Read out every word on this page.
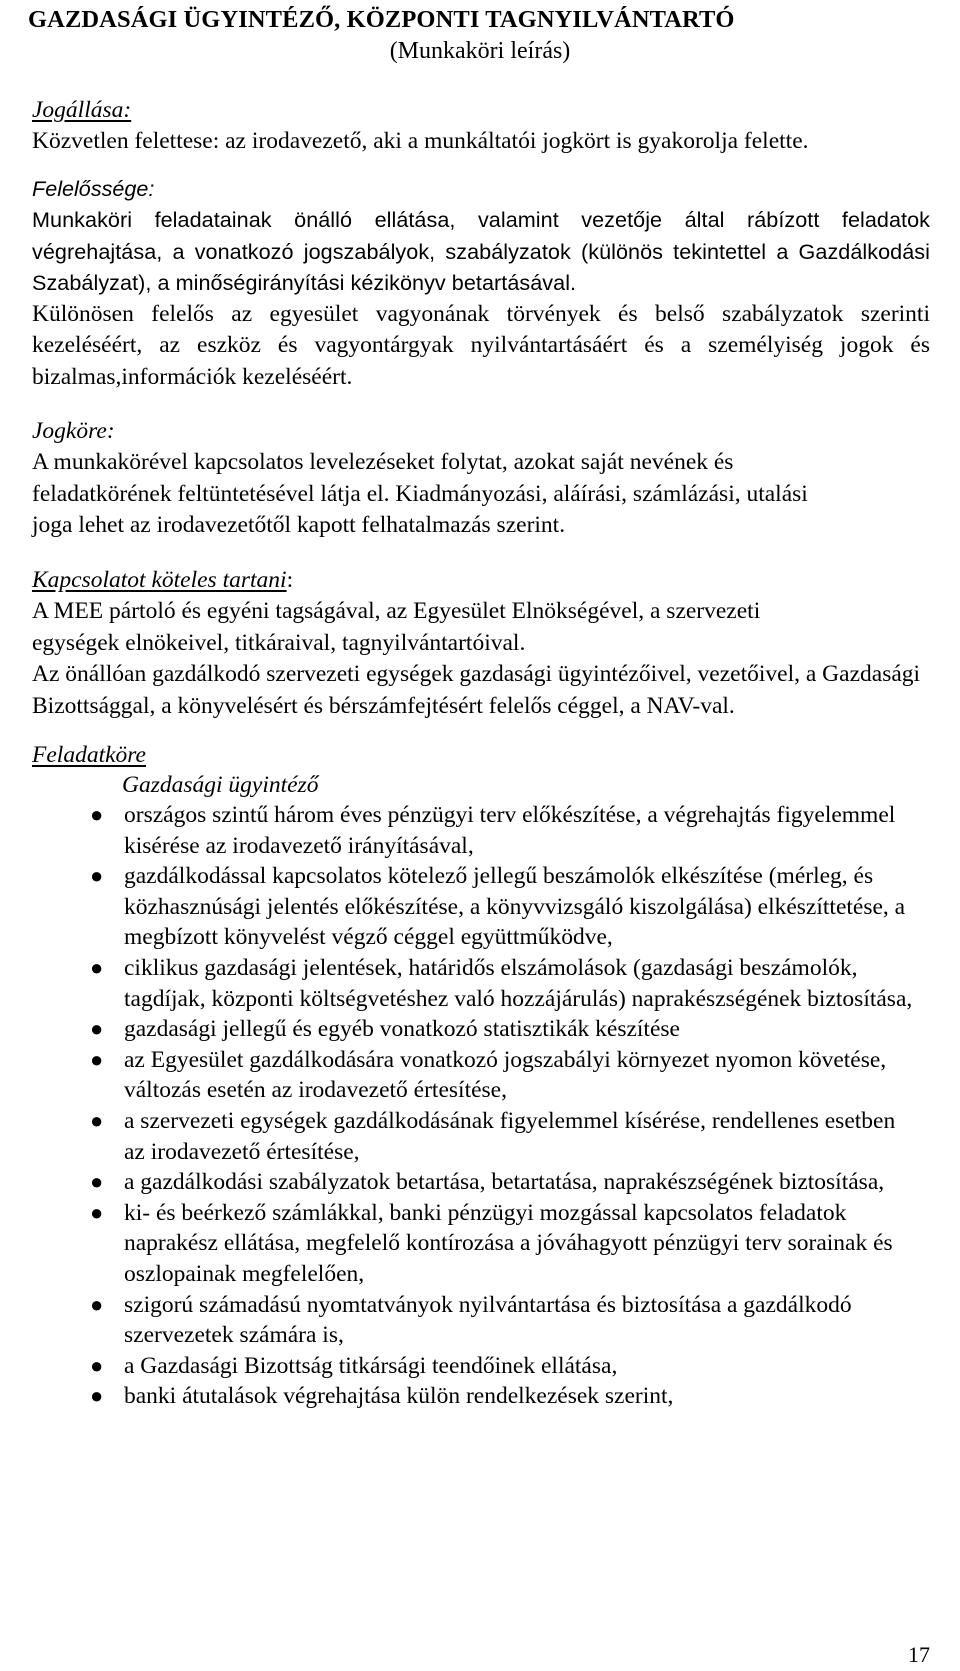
GAZDASÁGI ÜGYINTÉZŐ, KÖZPONTI TAGNYILVÁNTARTÓ
(Munkaköri leírás)
Jogállása:
Közvetlen felettese: az irodavezető, aki a munkáltatói jogkört is gyakorolja felette.
Felelőssége:
Munkaköri feladatainak önálló ellátása, valamint vezetője által rábízott feladatok végrehajtása, a vonatkozó jogszabályok, szabályzatok (különös tekintettel a Gazdálkodási Szabályzat), a minőségirányítási kézikönyv betartásával.
Különösen felelős az egyesület vagyonának törvények és belső szabályzatok szerinti kezeléséért, az eszköz és vagyontárgyak nyilvántartásáért és a személyiség jogok és bizalmas,információk kezeléséért.
Jogköre:
A munkakörével kapcsolatos levelezéseket folytat, azokat saját nevének és feladatkörének feltüntetésével látja el. Kiadmányozási, aláírási, számlázási, utalási joga lehet az irodavezetőtől kapott felhatalmazás szerint.
Kapcsolatot köteles tartani:
A MEE pártoló és egyéni tagságával, az Egyesület Elnökségével, a szervezeti egységek elnökeivel, titkáraival, tagnyilvántartóival.
Az önállóan gazdálkodó szervezeti egységek gazdasági ügyintézőivel, vezetőivel, a Gazdasági Bizottsággal, a könyvelésért és bérszámfejtésért felelős céggel, a NAV-val.
Feladatköre
Gazdasági ügyintéző
● országos szintű három éves pénzügyi terv előkészítése, a végrehajtás figyelemmel kisérése az irodavezető irányításával,
● gazdálkodással kapcsolatos kötelező jellegű beszámolók elkészítése (mérleg, és közhasznúsági jelentés előkészítése, a könyvvizsgáló kiszolgálása) elkészíttetése, a megbízott könyvelést végző céggel együttműködve,
● ciklikus gazdasági jelentések, határidős elszámolások (gazdasági beszámolók, tagdíjak, központi költségvetéshez való hozzájárulás) naprakészségének biztosítása,
● gazdasági jellegű és egyéb vonatkozó statisztikák készítése
● az Egyesület gazdálkodására vonatkozó jogszabályi környezet nyomon követése, változás esetén az irodavezető értesítése,
● a szervezeti egységek gazdálkodásának figyelemmel kísérése, rendellenes esetben az irodavezető értesítése,
● a gazdálkodási szabályzatok betartása, betartatása, naprakészségének biztosítása,
● ki- és beérkező számlákkal, banki pénzügyi mozgással kapcsolatos feladatok naprakész ellátása, megfelelő kontírozása a jóváhagyott pénzügyi terv sorainak és oszlopainak megfelelően,
● szigorú számadású nyomtatványok nyilvántartása és biztosítása a gazdálkodó szervezetek számára is,
● a Gazdasági Bizottság titkársági teendőinek ellátása,
● banki átutalások végrehajtása külön rendelkezések szerint,
17
